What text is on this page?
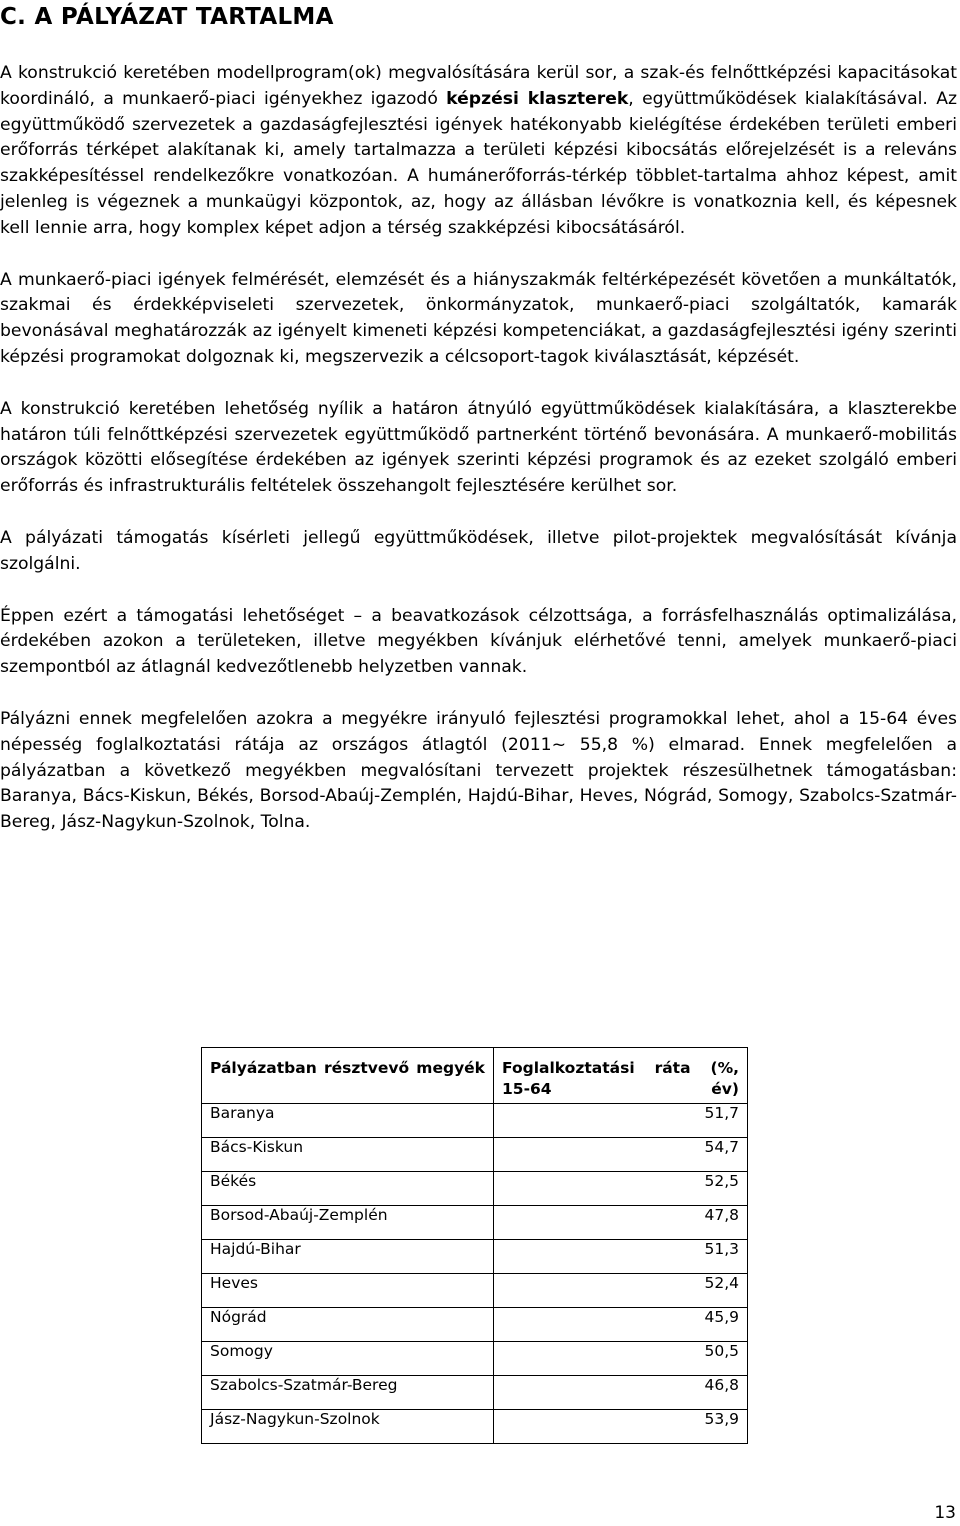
C. A PÁLYÁZAT TARTALMA

A konstrukció keretében modellprogram(ok) megvalósítására kerül sor, a szak-és felnőttképzési kapacitásokat koordináló, a munkaerő-piaci igényekhez igazodó képzési klaszterek, együttműködések kialakításával. Az együttműködő szervezetek a gazdaságfejlesztési igények hatékonyabb kielégítése érdekében területi emberi erőforrás térképet alakítanak ki, amely tartalmazza a területi képzési kibocsátás előrejelzését is a releváns szakképesítéssel rendelkezőkre vonatkozóan. A humánerőforrás-térkép többlet-tartalma ahhoz képest, amit jelenleg is végeznek a munkaügyi központok, az, hogy az állásban lévőkre is vonatkoznia kell, és képesnek kell lennie arra, hogy komplex képet adjon a térség szakképzési kibocsátásáról.

A munkaerő-piaci igények felmérését, elemzését és a hiányszakmák feltérképezését követően a munkáltatók, szakmai és érdekképviseleti szervezetek, önkormányzatok, munkaerő-piaci szolgáltatók, kamarák bevonásával meghatározzák az igényelt kimeneti képzési kompetenciákat, a gazdaságfejlesztési igény szerinti képzési programokat dolgoznak ki, megszervezik a célcsoport-tagok kiválasztását, képzését.

A konstrukció keretében lehetőség nyílik a határon átnyúló együttműködések kialakítására, a klaszterekbe határon túli felnőttképzési szervezetek együttműködő partnerként történő bevonására. A munkaerő-mobilitás országok közötti elősegítése érdekében az igények szerinti képzési programok és az ezeket szolgáló emberi erőforrás és infrastrukturális feltételek összehangolt fejlesztésére kerülhet sor.

A pályázati támogatás kísérleti jellegű együttműködések, illetve pilot-projektek megvalósítását kívánja szolgálni.

Éppen ezért a támogatási lehetőséget – a beavatkozások célzottsága, a forrásfelhasználás optimalizálása, érdekében azokon a területeken, illetve megyékben kívánjuk elérhetővé tenni, amelyek munkaerő-piaci szempontból az átlagnál kedvezőtlenebb helyzetben vannak.

Pályázni ennek megfelelően azokra a megyékre irányuló fejlesztési programokkal lehet, ahol a 15-64 éves népesség foglalkoztatási rátája az országos átlagtól (2011~ 55,8 %) elmarad. Ennek megfelelően a pályázatban a következő megyékben megvalósítani tervezett projektek részesülhetnek támogatásban: Baranya, Bács-Kiskun, Békés, Borsod-Abaúj-Zemplén, Hajdú-Bihar, Heves, Nógrád, Somogy, Szabolcs-Szatmár-Bereg, Jász-Nagykun-Szolnok, Tolna.

Pályázatban résztvevő megyék	Foglalkoztatási ráta (%, 15-64 év)
Baranya	51,7
Bács-Kiskun	54,7
Békés	52,5
Borsod-Abaúj-Zemplén	47,8
Hajdú-Bihar	51,3
Heves	52,4
Nógrád	45,9
Somogy	50,5
Szabolcs-Szatmár-Bereg	46,8
Jász-Nagykun-Szolnok	53,9
13
